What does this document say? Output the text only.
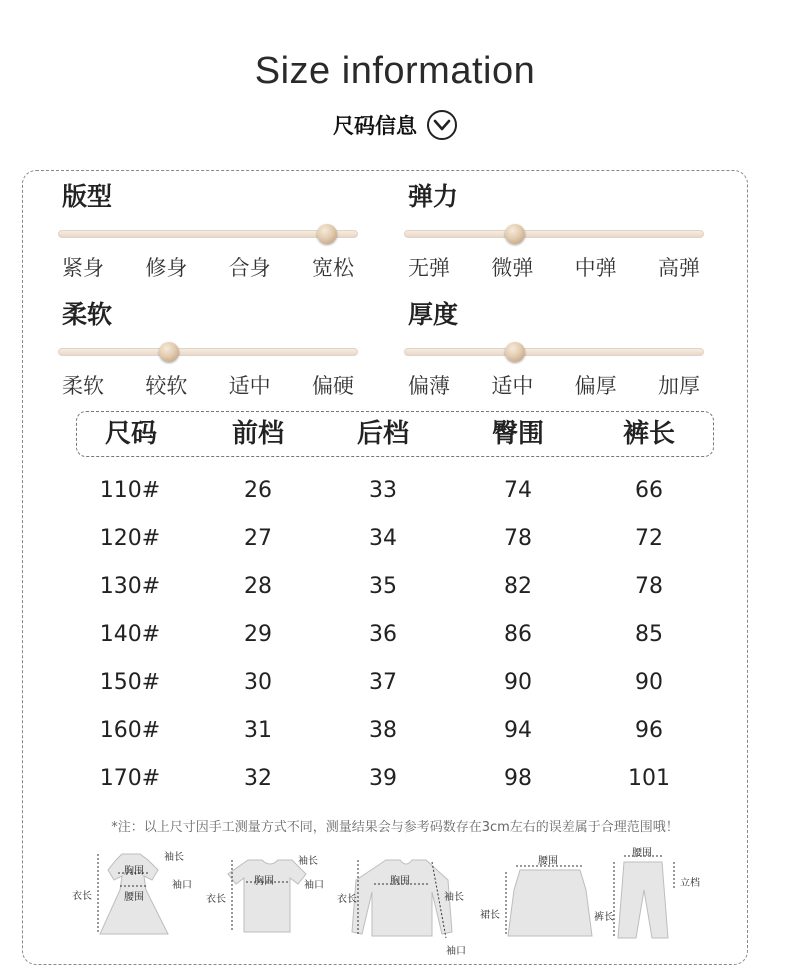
Size information
尺码信息
版型
紧身 修身 合身 宽松
弹力
无弹 微弹 中弹 高弹
柔软
柔软 较软 适中 偏硬
厚度
偏薄 适中 偏厚 加厚
尺码	前档	后档	臀围	裤长
110#	26	33	74	66
120#	27	34	78	72
130#	28	35	82	78
140#	29	36	86	85
150#	30	37	90	90
160#	31	38	94	96
170#	32	39	98	101
*注：以上尺寸因手工测量方式不同，测量结果会与参考码数存在3cm左右的误差属于合理范围哦！
衣长
胸围
腰围
袖长
袖口
衣长
胸围
袖长
袖口
衣长
胸围
袖长
袖口
腰围
裙长
腰围
立档
裤长
